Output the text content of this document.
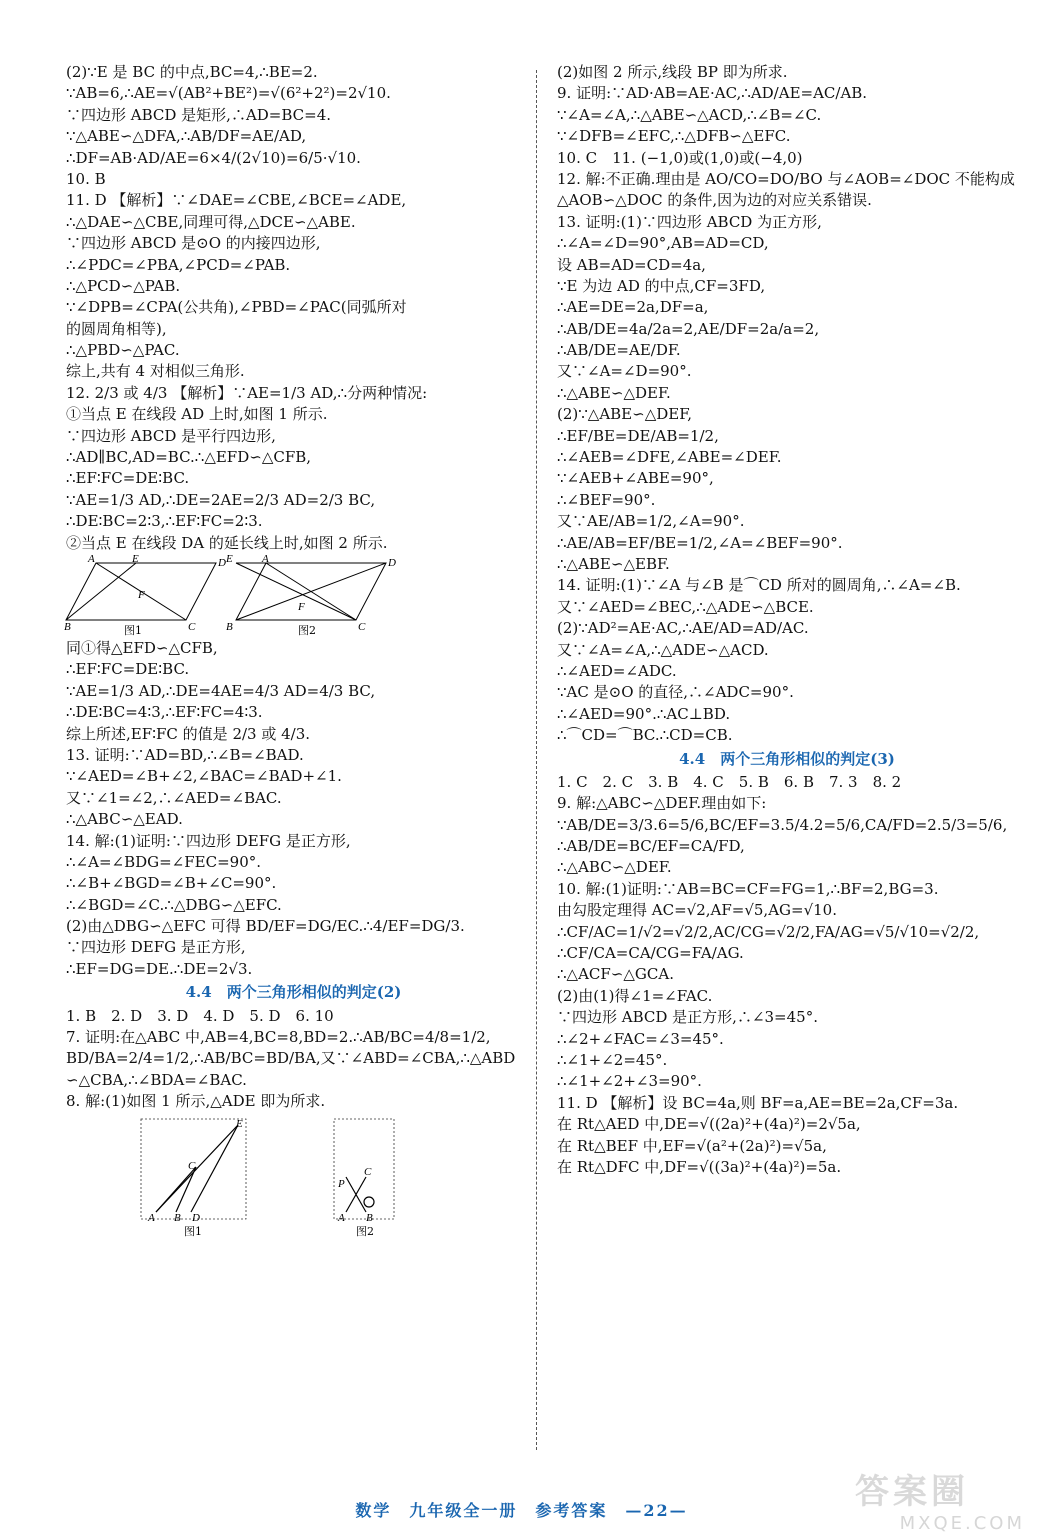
(2)∵E 是 BC 的中点,BC=4,∴BE=2.
∵AB=6,∴AE=√(AB²+BE²)=√(6²+2²)=2√10.
∵四边形 ABCD 是矩形,∴AD=BC=4.
∵△ABE∽△DFA,∴AB/DF=AE/AD,
∴DF=AB·AD/AE=6×4/(2√10)=6/5·√10.
10. B
11. D 【解析】∵∠DAE=∠CBE,∠BCE=∠ADE,
∴△DAE∽△CBE,同理可得,△DCE∽△ABE.
∵四边形 ABCD 是⊙O 的内接四边形,
∴∠PDC=∠PBA,∠PCD=∠PAB.
∴△PCD∽△PAB.
∵∠DPB=∠CPA(公共角),∠PBD=∠PAC(同弧所对
的圆周角相等),
∴△PBD∽△PAC.
综上,共有 4 对相似三角形.
12. 2/3 或 4/3 【解析】∵AE=1/3 AD,∴分两种情况:
①当点 E 在线段 AD 上时,如图 1 所示.
∵四边形 ABCD 是平行四边形,
∴AD∥BC,AD=BC.∴△EFD∽△CFB,
∴EF∶FC=DE∶BC.
∵AE=1/3 AD,∴DE=2AE=2/3 AD=2/3 BC,
∴DE∶BC=2∶3,∴EF∶FC=2∶3.
②当点 E 在线段 DA 的延长线上时,如图 2 所示.
A	E	D
F
B	C
E	A	D
F
B	C
图1	图2
同①得△EFD∽△CFB,
∴EF∶FC=DE∶BC.
∵AE=1/3 AD,∴DE=4AE=4/3 AD=4/3 BC,
∴DE∶BC=4∶3,∴EF∶FC=4∶3.
综上所述,EF∶FC 的值是 2/3 或 4/3.
13. 证明:∵AD=BD,∴∠B=∠BAD.
∵∠AED=∠B+∠2,∠BAC=∠BAD+∠1.
又∵∠1=∠2,∴∠AED=∠BAC.
∴△ABC∽△EAD.
14. 解:(1)证明:∵四边形 DEFG 是正方形,
∴∠A=∠BDG=∠FEC=90°.
∴∠B+∠BGD=∠B+∠C=90°.
∴∠BGD=∠C.∴△DBG∽△EFC.
(2)由△DBG∽△EFC 可得 BD/EF=DG/EC.∴4/EF=DG/3.
∵四边形 DEFG 是正方形,
∴EF=DG=DE.∴DE=2√3.
4.4　两个三角形相似的判定(2)
1. B　2. D　3. D　4. D　5. D　6. 10
7. 证明:在△ABC 中,AB=4,BC=8,BD=2.∴AB/BC=4/8=1/2,
BD/BA=2/4=1/2,∴AB/BC=BD/BA,又∵∠ABD=∠CBA,∴△ABD
∽△CBA,∴∠BDA=∠BAC.
8. 解:(1)如图 1 所示,△ADE 即为所求.
A B D
C
E
P
C
A B
图1	图2
(2)如图 2 所示,线段 BP 即为所求.
9. 证明:∵AD·AB=AE·AC,∴AD/AE=AC/AB.
∵∠A=∠A,∴△ABE∽△ACD,∴∠B=∠C.
∵∠DFB=∠EFC,∴△DFB∽△EFC.
10. C　11. (−1,0)或(1,0)或(−4,0)
12. 解:不正确.理由是 AO/CO=DO/BO 与∠AOB=∠DOC 不能构成
△AOB∽△DOC 的条件,因为边的对应关系错误.
13. 证明:(1)∵四边形 ABCD 为正方形,
∴∠A=∠D=90°,AB=AD=CD,
设 AB=AD=CD=4a,
∵E 为边 AD 的中点,CF=3FD,
∴AE=DE=2a,DF=a,
∴AB/DE=4a/2a=2,AE/DF=2a/a=2,
∴AB/DE=AE/DF.
又∵∠A=∠D=90°.
∴△ABE∽△DEF.
(2)∵△ABE∽△DEF,
∴EF/BE=DE/AB=1/2,
∴∠AEB=∠DFE,∠ABE=∠DEF.
∵∠AEB+∠ABE=90°,
∴∠BEF=90°.
又∵AE/AB=1/2,∠A=90°.
∴AE/AB=EF/BE=1/2,∠A=∠BEF=90°.
∴△ABE∽△EBF.
14. 证明:(1)∵∠A 与∠B 是⌒CD 所对的圆周角,∴∠A=∠B.
又∵∠AED=∠BEC,∴△ADE∽△BCE.
(2)∵AD²=AE·AC,∴AE/AD=AD/AC.
又∵∠A=∠A,∴△ADE∽△ACD.
∴∠AED=∠ADC.
∵AC 是⊙O 的直径,∴∠ADC=90°.
∴∠AED=90°.∴AC⊥BD.
∴⌒CD=⌒BC.∴CD=CB.
4.4　两个三角形相似的判定(3)
1. C　2. C　3. B　4. C　5. B　6. B　7. 3　8. 2
9. 解:△ABC∽△DEF.理由如下:
∵AB/DE=3/3.6=5/6,BC/EF=3.5/4.2=5/6,CA/FD=2.5/3=5/6,
∴AB/DE=BC/EF=CA/FD,
∴△ABC∽△DEF.
10. 解:(1)证明:∵AB=BC=CF=FG=1,∴BF=2,BG=3.
由勾股定理得 AC=√2,AF=√5,AG=√10.
∴CF/AC=1/√2=√2/2,AC/CG=√2/2,FA/AG=√5/√10=√2/2,
∴CF/CA=CA/CG=FA/AG.
∴△ACF∽△GCA.
(2)由(1)得∠1=∠FAC.
∵四边形 ABCD 是正方形,∴∠3=45°.
∴∠2+∠FAC=∠3=45°.
∴∠1+∠2=45°.
∴∠1+∠2+∠3=90°.
11. D 【解析】设 BC=4a,则 BF=a,AE=BE=2a,CF=3a.
在 Rt△AED 中,DE=√((2a)²+(4a)²)=2√5a,
在 Rt△BEF 中,EF=√(a²+(2a)²)=√5a,
在 Rt△DFC 中,DF=√((3a)²+(4a)²)=5a.
数学　九年级全一册　参考答案　—22—	答案圈
MXQE.COM
